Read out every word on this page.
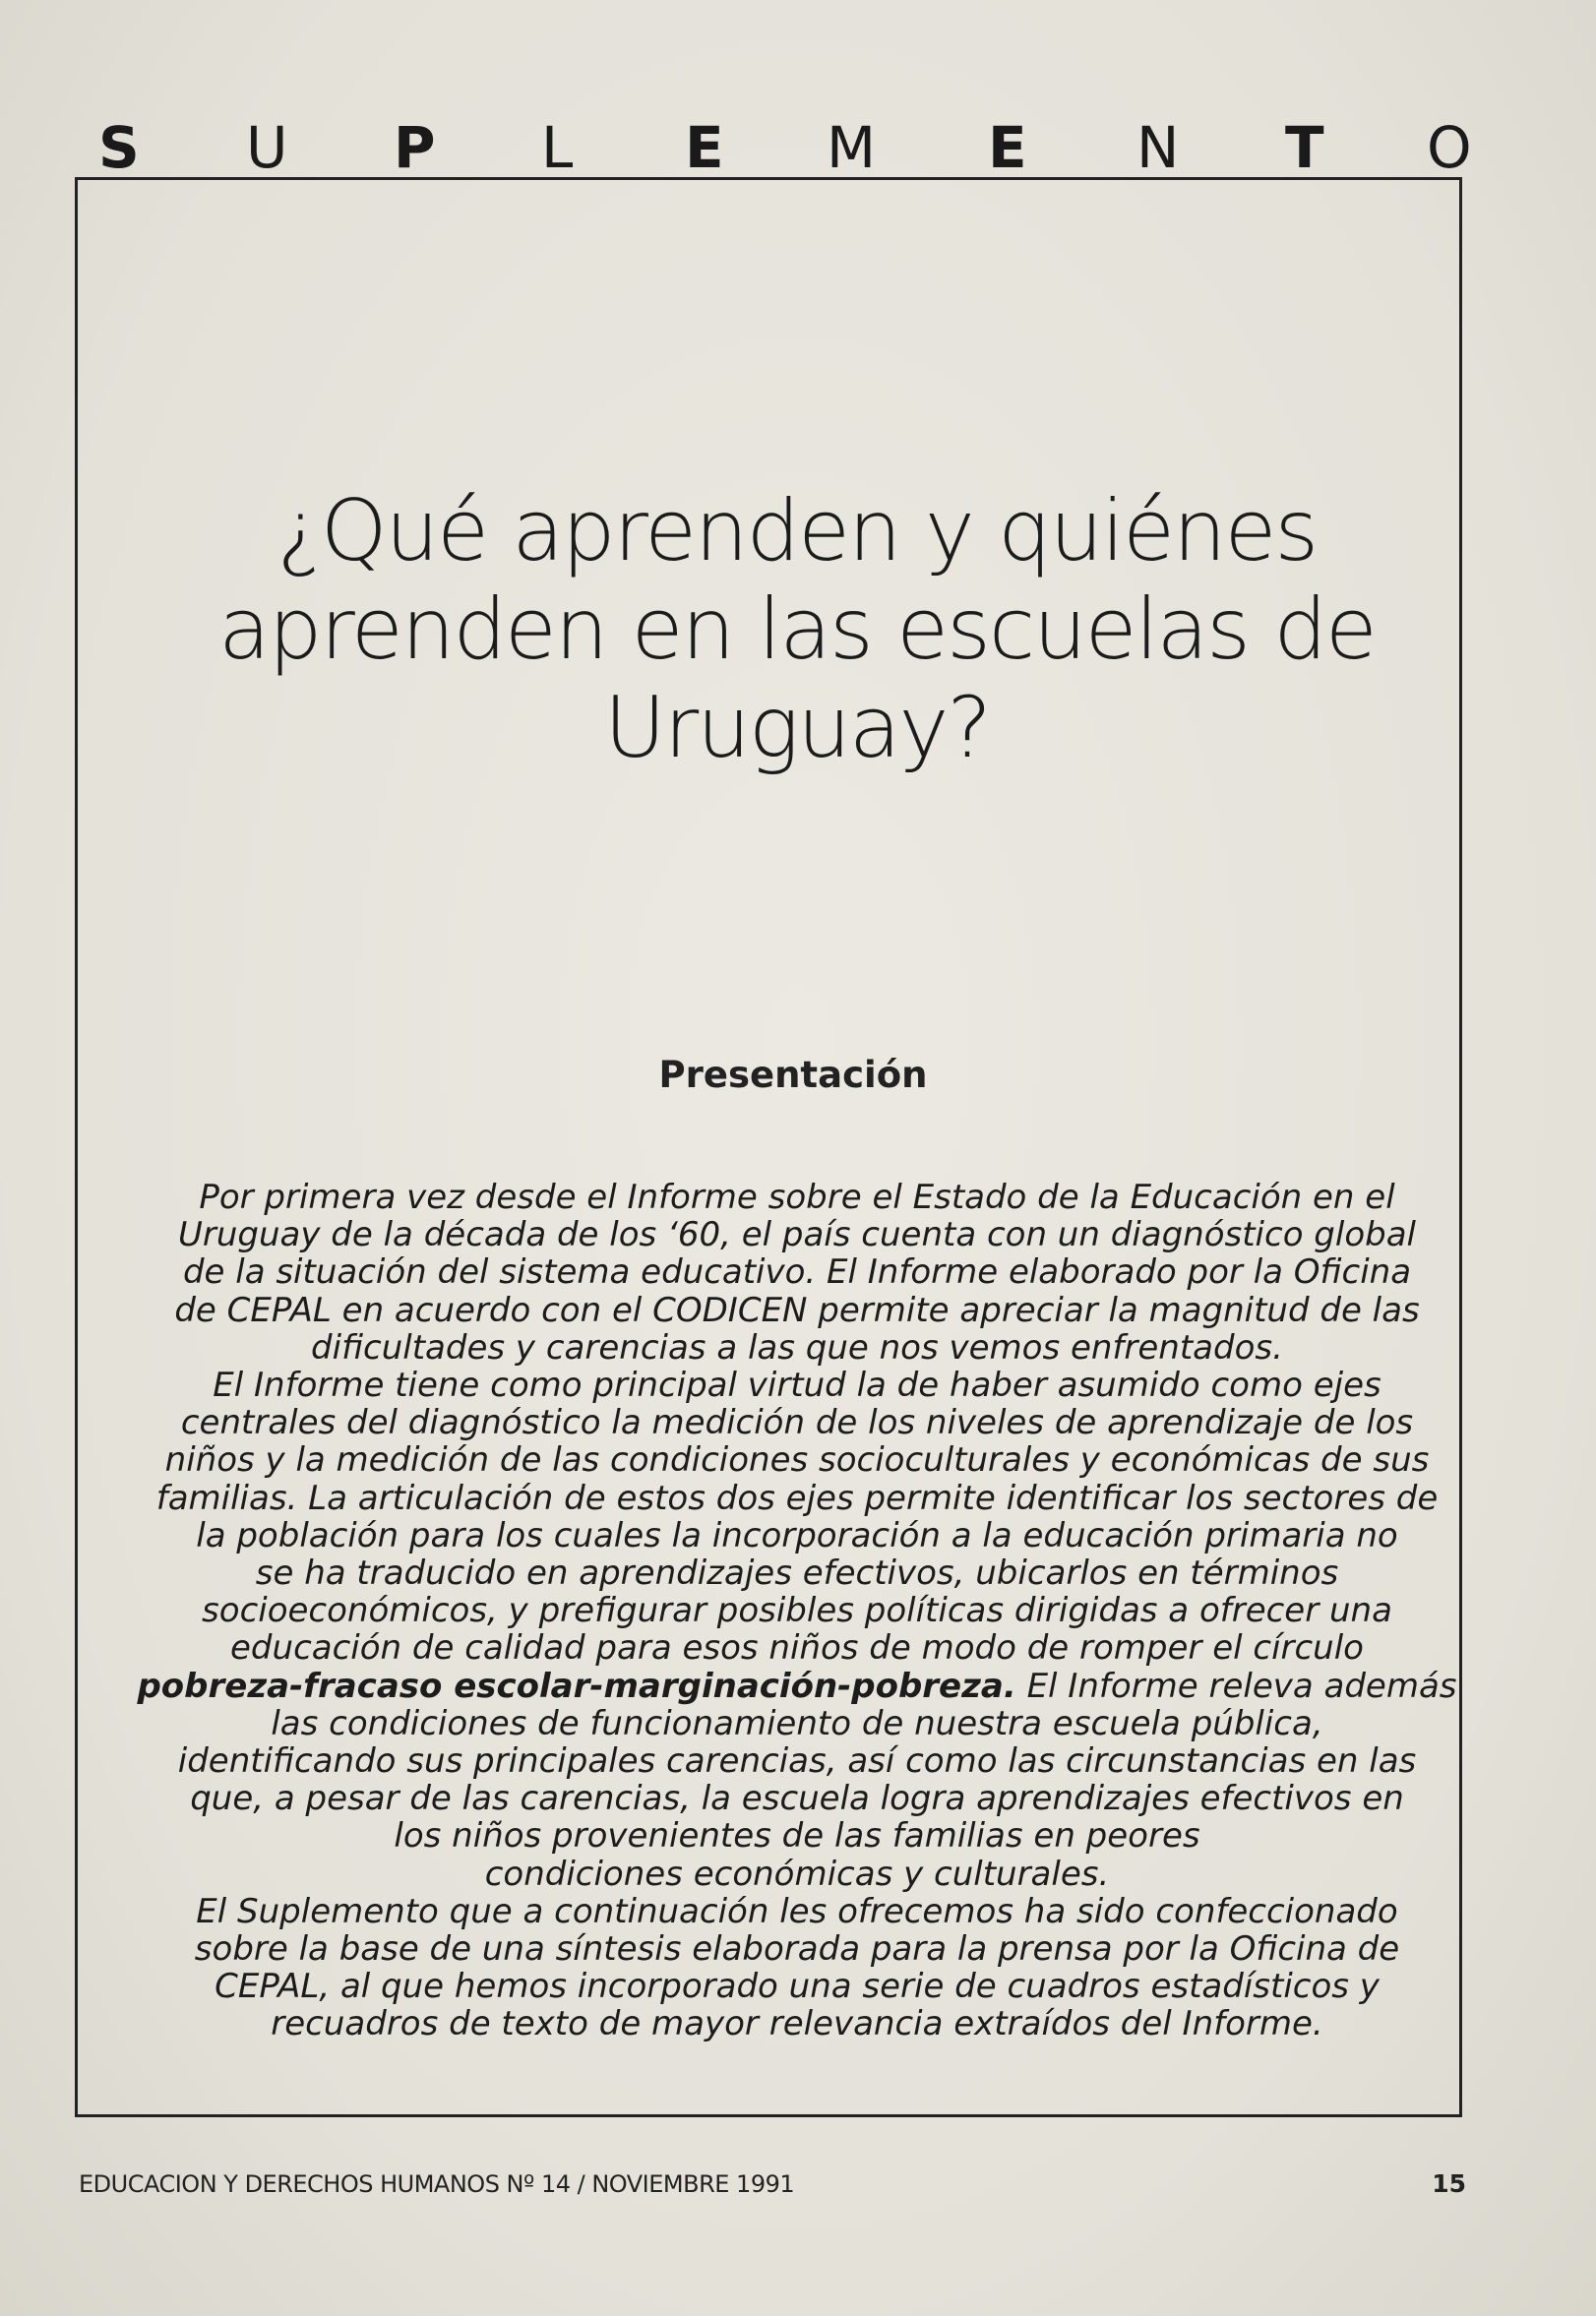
S U P L E M E N T O
¿Qué aprenden y quiénes
aprenden en las escuelas de
Uruguay?
Presentación
Por primera vez desde el Informe sobre el Estado de la Educación en el
Uruguay de la década de los ‘60, el país cuenta con un diagnóstico global
de la situación del sistema educativo. El Informe elaborado por la Oficina
de CEPAL en acuerdo con el CODICEN permite apreciar la magnitud de las
dificultades y carencias a las que nos vemos enfrentados.
El Informe tiene como principal virtud la de haber asumido como ejes
centrales del diagnóstico la medición de los niveles de aprendizaje de los
niños y la medición de las condiciones socioculturales y económicas de sus
familias. La articulación de estos dos ejes permite identificar los sectores de
la población para los cuales la incorporación a la educación primaria no
se ha traducido en aprendizajes efectivos, ubicarlos en términos
socioeconómicos, y prefigurar posibles políticas dirigidas a ofrecer una
educación de calidad para esos niños de modo de romper el círculo
pobreza-fracaso escolar-marginación-pobreza. El Informe releva además
las condiciones de funcionamiento de nuestra escuela pública,
identificando sus principales carencias, así como las circunstancias en las
que, a pesar de las carencias, la escuela logra aprendizajes efectivos en
los niños provenientes de las familias en peores
condiciones económicas y culturales.
El Suplemento que a continuación les ofrecemos ha sido confeccionado
sobre la base de una síntesis elaborada para la prensa por la Oficina de
CEPAL, al que hemos incorporado una serie de cuadros estadísticos y
recuadros de texto de mayor relevancia extraídos del Informe.
EDUCACION Y DERECHOS HUMANOS Nº 14 / NOVIEMBRE 1991	15
